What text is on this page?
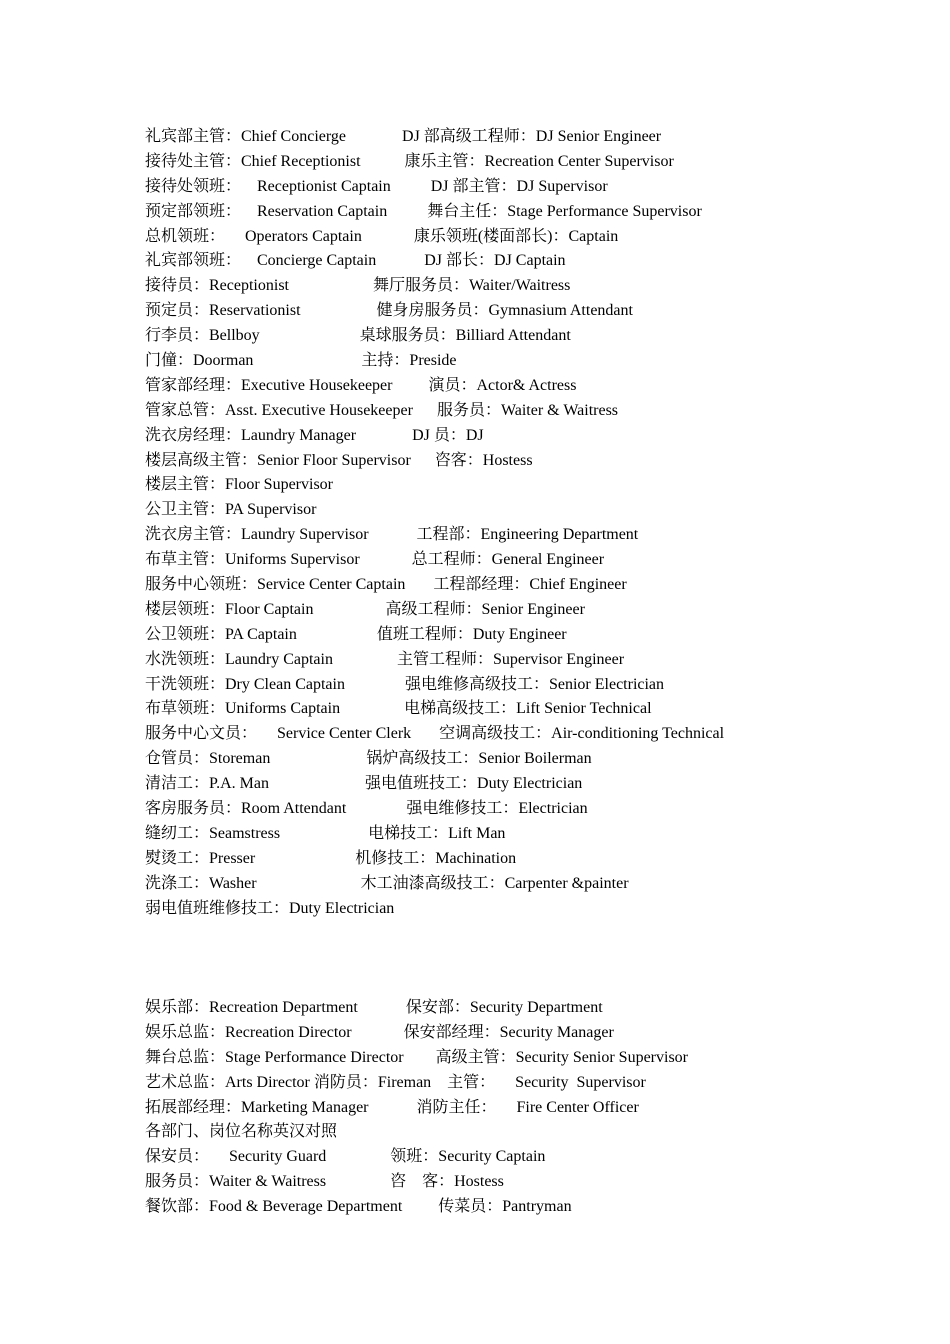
礼宾部主管：Chief Concierge              DJ 部高级工程师：DJ Senior Engineer
接待处主管：Chief Receptionist           康乐主管：Recreation Center Supervisor
接待处领班：    Receptionist Captain          DJ 部主管：DJ Supervisor
预定部领班：    Reservation Captain          舞台主任：Stage Performance Supervisor
总机领班：     Operators Captain             康乐领班(楼面部长)：Captain
礼宾部领班：    Concierge Captain            DJ 部长：DJ Captain
接待员：Receptionist                     舞厅服务员：Waiter/Waitress
预定员：Reservationist                   健身房服务员：Gymnasium Attendant
行李员：Bellboy                         桌球服务员：Billiard Attendant
门僮：Doorman                           主持：Preside
管家部经理：Executive Housekeeper         演员：Actor& Actress
管家总管：Asst. Executive Housekeeper      服务员：Waiter & Waitress
洗衣房经理：Laundry Manager              DJ 员：DJ
楼层高级主管：Senior Floor Supervisor      咨客：Hostess
楼层主管：Floor Supervisor
公卫主管：PA Supervisor
洗衣房主管：Laundry Supervisor            工程部：Engineering Department
布草主管：Uniforms Supervisor             总工程师：General Engineer
服务中心领班：Service Center Captain       工程部经理：Chief Engineer
楼层领班：Floor Captain                  高级工程师：Senior Engineer
公卫领班：PA Captain                    值班工程师：Duty Engineer
水洗领班：Laundry Captain                主管工程师：Supervisor Engineer
干洗领班：Dry Clean Captain               强电维修高级技工：Senior Electrician
布草领班：Uniforms Captain                电梯高级技工：Lift Senior Technical
服务中心文员：     Service Center Clerk       空调高级技工：Air-conditioning Technical
仓管员：Storeman                        锅炉高级技工：Senior Boilerman
清洁工：P.A. Man                        强电值班技工：Duty Electrician
客房服务员：Room Attendant               强电维修技工：Electrician
缝纫工：Seamstress                      电梯技工：Lift Man
熨烫工：Presser                         机修技工：Machination
洗涤工：Washer                          木工油漆高级技工：Carpenter &painter
弱电值班维修技工：Duty Electrician
娱乐部：Recreation Department            保安部：Security Department
娱乐总监：Recreation Director             保安部经理：Security Manager
舞台总监：Stage Performance Director        高级主管：Security Senior Supervisor
艺术总监：Arts Director 消防员：Fireman    主管：     Security  Supervisor
拓展部经理：Marketing Manager            消防主任：     Fire Center Officer
各部门、岗位名称英汉对照
保安员：     Security Guard                领班：Security Captain
服务员：Waiter & Waitress                咨    客：Hostess
餐饮部：Food & Beverage Department         传菜员：Pantryman
